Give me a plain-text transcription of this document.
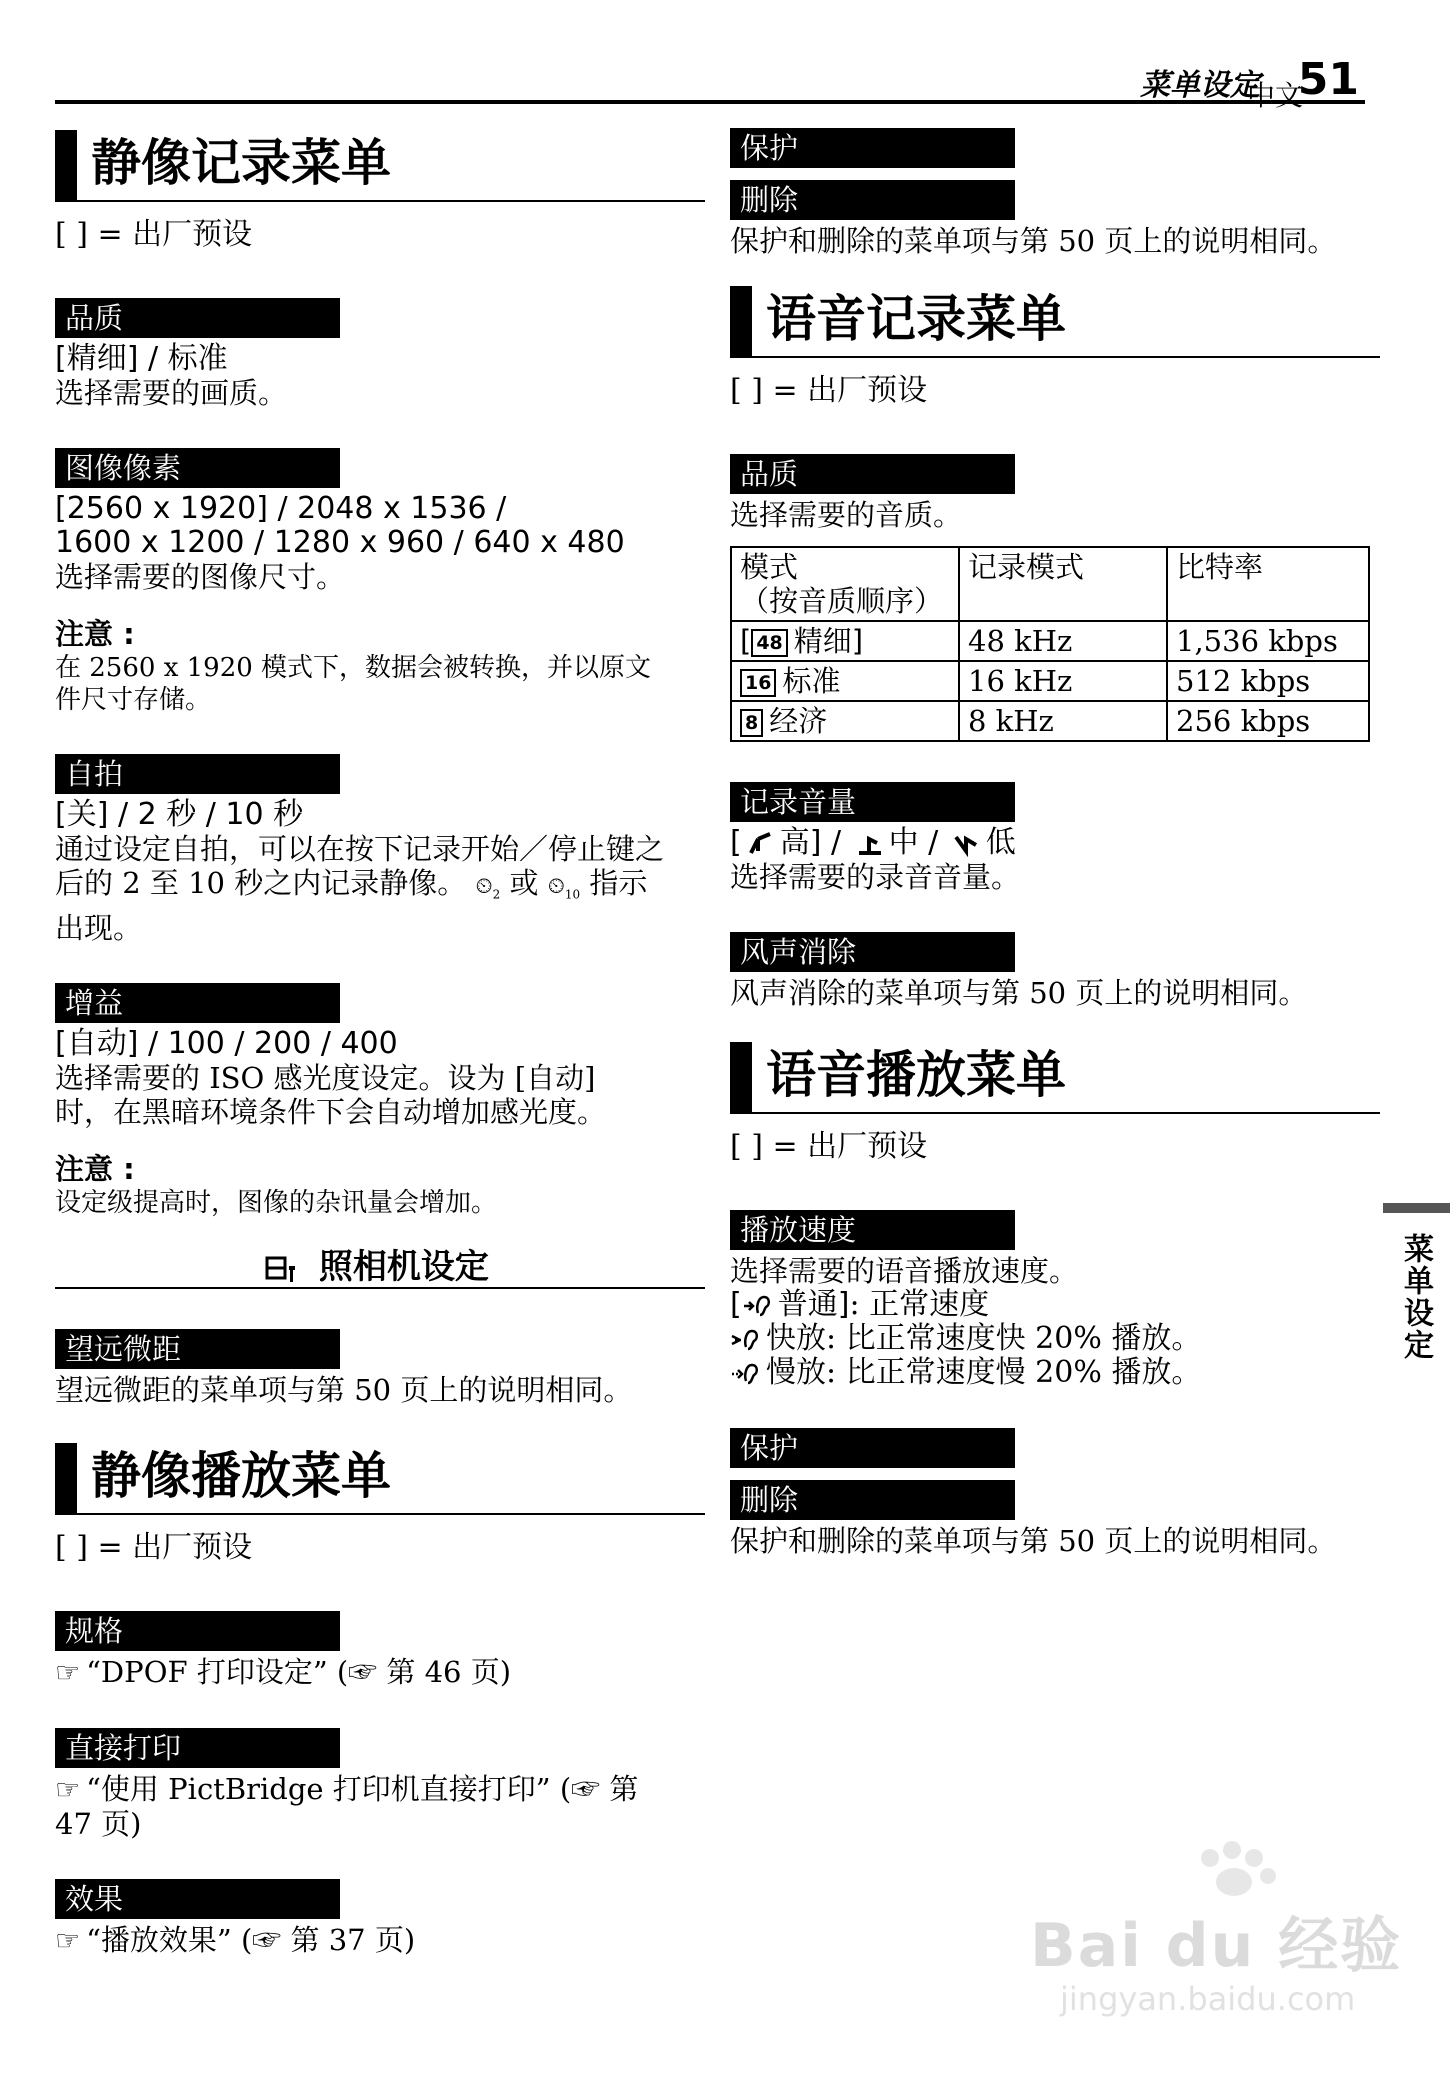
菜单设定
中文
51
静像记录菜单
[ ] = 出厂预设
品质
[精细] / 标准
选择需要的画质。
图像像素
[2560 x 1920] / 2048 x 1536 /
1600 x 1200 / 1280 x 960 / 640 x 480
选择需要的图像尺寸。
注意 :
在 2560 x 1920 模式下，数据会被转换，并以原文
件尺寸存储。
自拍
[关] / 2 秒 / 10 秒
通过设定自拍，可以在按下记录开始／停止键之
后的 2 至 10 秒之内记录静像。 $⏲_2$ 或 $⏲_{10}$ 指示
出现。
增益
[自动] / 100 / 200 / 400
选择需要的 ISO 感光度设定。设为 [自动]
时，在黑暗环境条件下会自动增加感光度。
注意 :
设定级提高时，图像的杂讯量会增加。
照相机设定
望远微距
望远微距的菜单项与第 50 页上的说明相同。
静像播放菜单
[ ] = 出厂预设
规格
☞ “DPOF 打印设定” (☞ 第 46 页)
直接打印
☞ “使用 PictBridge 打印机直接打印” (☞ 第
47 页)
效果
☞ “播放效果” (☞ 第 37 页)
保护
删除
保护和删除的菜单项与第 50 页上的说明相同。
语音记录菜单
[ ] = 出厂预设
品质
选择需要的音质。
模式
（按音质顺序）	记录模式	比特率
[ 48 精细]	48 kHz	1,536 kbps
16 标准	16 kHz	512 kbps
8 经济	8 kHz	256 kbps
记录音量
[ 高] / 中 / 低
选择需要的录音音量。
风声消除
风声消除的菜单项与第 50 页上的说明相同。
语音播放菜单
[ ] = 出厂预设
播放速度
选择需要的语音播放速度。
[ 普通]: 正常速度
快放: 比正常速度快 20% 播放。
慢放: 比正常速度慢 20% 播放。
保护
删除
保护和删除的菜单项与第 50 页上的说明相同。
菜单设定
Bai du 经验
jingyan.baidu.com
